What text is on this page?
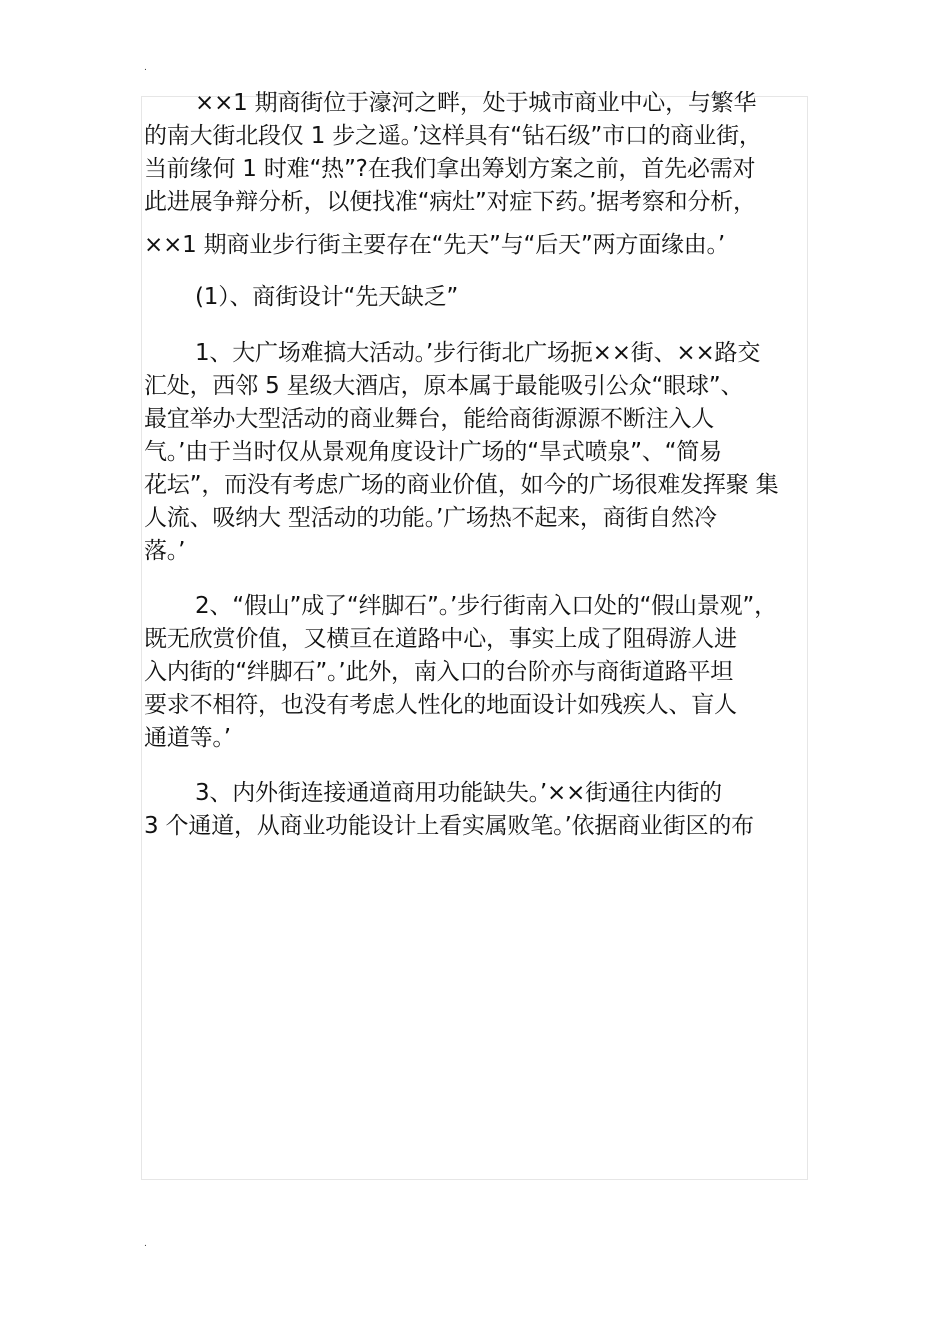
.
××1 期商街位于濠河之畔，处于城市商业中心，与繁华
的南大街北段仅 1 步之遥。’这样具有“钻石级”市口的商业街，
当前缘何 1 时难“热”?在我们拿出筹划方案之前，首先必需对
此进展争辩分析，以便找准“病灶”对症下药。’据考察和分析，
××1 期商业步行街主要存在“先天”与“后天”两方面缘由。’
(1）、商街设计“先天缺乏”
1、大广场难搞大活动。’步行街北广场扼××街、××路交
汇处，西邻 5 星级大酒店，原本属于最能吸引公众“眼球”、
最宜举办大型活动的商业舞台，能给商街源源不断注入人
气。’由于当时仅从景观角度设计广场的“旱式喷泉”、“简易
花坛”，而没有考虑广场的商业价值，如今的广场很难发挥聚 集
人流、吸纳大 型活动的功能。’广场热不起来，商街自然冷
落。’
2、“假山”成了“绊脚石”。’步行街南入口处的“假山景观”，
既无欣赏价值，又横亘在道路中心，事实上成了阻碍游人进
入内街的“绊脚石”。’此外，南入口的台阶亦与商街道路平坦
要求不相符，也没有考虑人性化的地面设计如残疾人、盲人
通道等。’
3、内外街连接通道商用功能缺失。’××街通往内街的
3 个通道，从商业功能设计上看实属败笔。’依据商业街区的布
.
